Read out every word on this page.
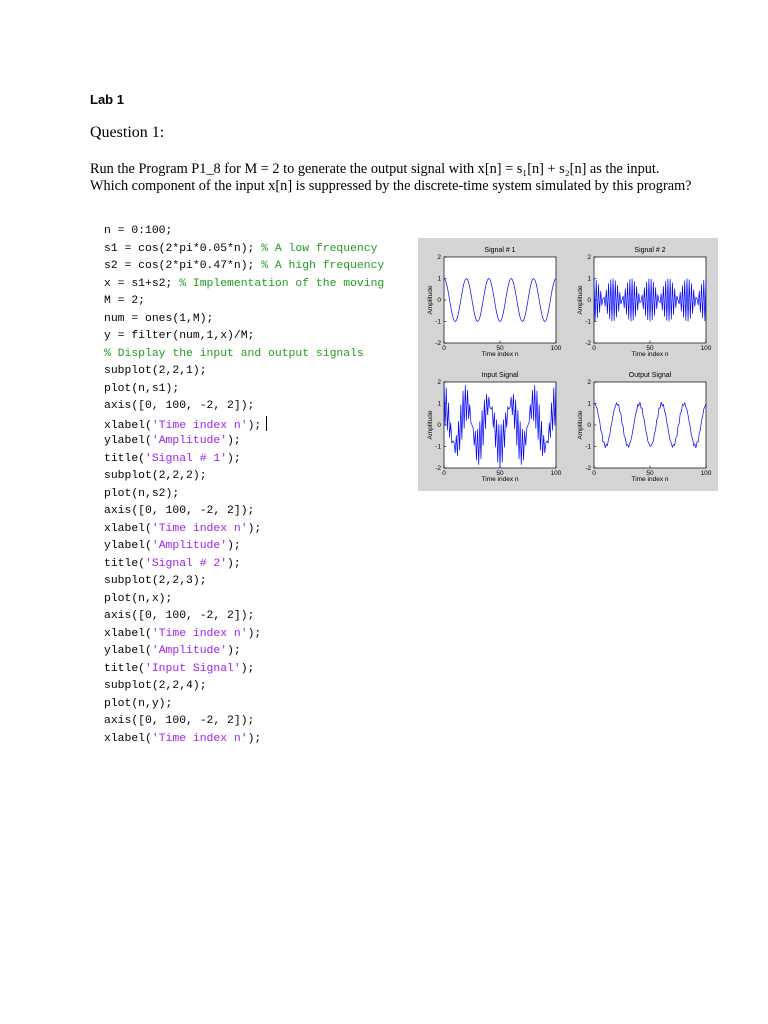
Lab 1
Question 1:

Run the Program P1_8 for M = 2 to generate the output signal with x[n] = s₁[n] + s₂[n] as the input.

Which component of the input x[n] is suppressed by the discrete-time system simulated by this program?

n = 0:100;
s1 = cos(2*pi*0.05*n); % A low frequency
s2 = cos(2*pi*0.47*n); % A high frequency
x = s1+s2; % Implementation of the moving
M = 2;
num = ones(1,M);
y = filter(num,1,x)/M;
% Display the input and output signals
subplot(2,2,1);
plot(n,s1);
axis([0, 100, -2, 2]);
xlabel('Time index n');
ylabel('Amplitude');
title('Signal # 1');
subplot(2,2,2);
plot(n,s2);
axis([0, 100, -2, 2]);
xlabel('Time index n');
ylabel('Amplitude');
title('Signal # 2');
subplot(2,2,3);
plot(n,x);
axis([0, 100, -2, 2]);
xlabel('Time index n');
ylabel('Amplitude');
title('Input Signal');
subplot(2,2,4);
plot(n,y);
axis([0, 100, -2, 2]);
xlabel('Time index n');
0	50	100
-2
-1
0
1
2
Signal # 1
Time index n
Amplitude
0	50	100
-2
-1
0
1
2
Signal # 2
Time index n
Amplitude
0	50	100
-2
-1
0
1
2
Input Signal
Time index n
Amplitude
0	50	100
-2
-1
0
1
2
Output Signal
Time index n
Amplitude
